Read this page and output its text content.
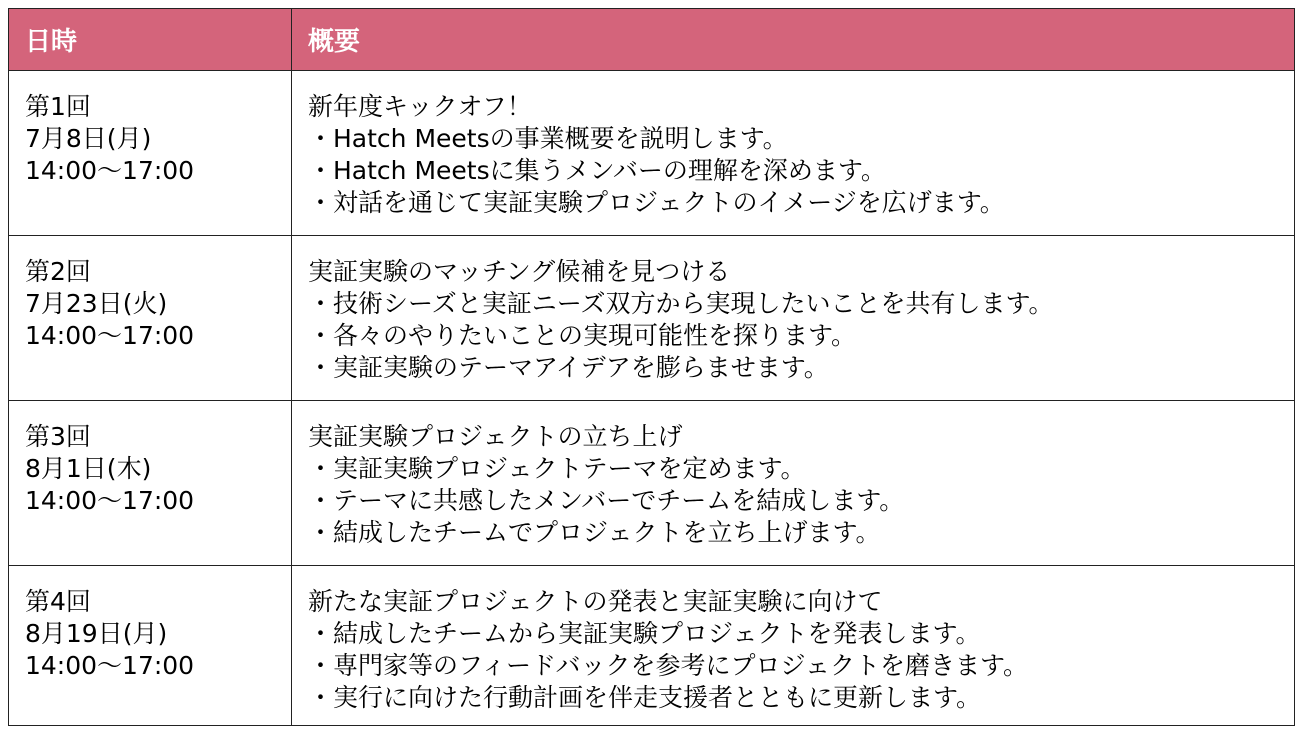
日時	概要

第1回
7月8日(月)
14:00〜17:00	新年度キックオフ！
・Hatch Meetsの事業概要を説明します。
・Hatch Meetsに集うメンバーの理解を深めます。
・対話を通じて実証実験プロジェクトのイメージを広げます。

第2回
7月23日(火)
14:00〜17:00	実証実験のマッチング候補を見つける
・技術シーズと実証ニーズ双方から実現したいことを共有します。
・各々のやりたいことの実現可能性を探ります。
・実証実験のテーマアイデアを膨らませます。

第3回
8月1日(木)
14:00〜17:00	実証実験プロジェクトの立ち上げ
・実証実験プロジェクトテーマを定めます。
・テーマに共感したメンバーでチームを結成します。
・結成したチームでプロジェクトを立ち上げます。

第4回
8月19日(月)
14:00〜17:00	新たな実証プロジェクトの発表と実証実験に向けて
・結成したチームから実証実験プロジェクトを発表します。
・専門家等のフィードバックを参考にプロジェクトを磨きます。
・実行に向けた行動計画を伴走支援者とともに更新します。
